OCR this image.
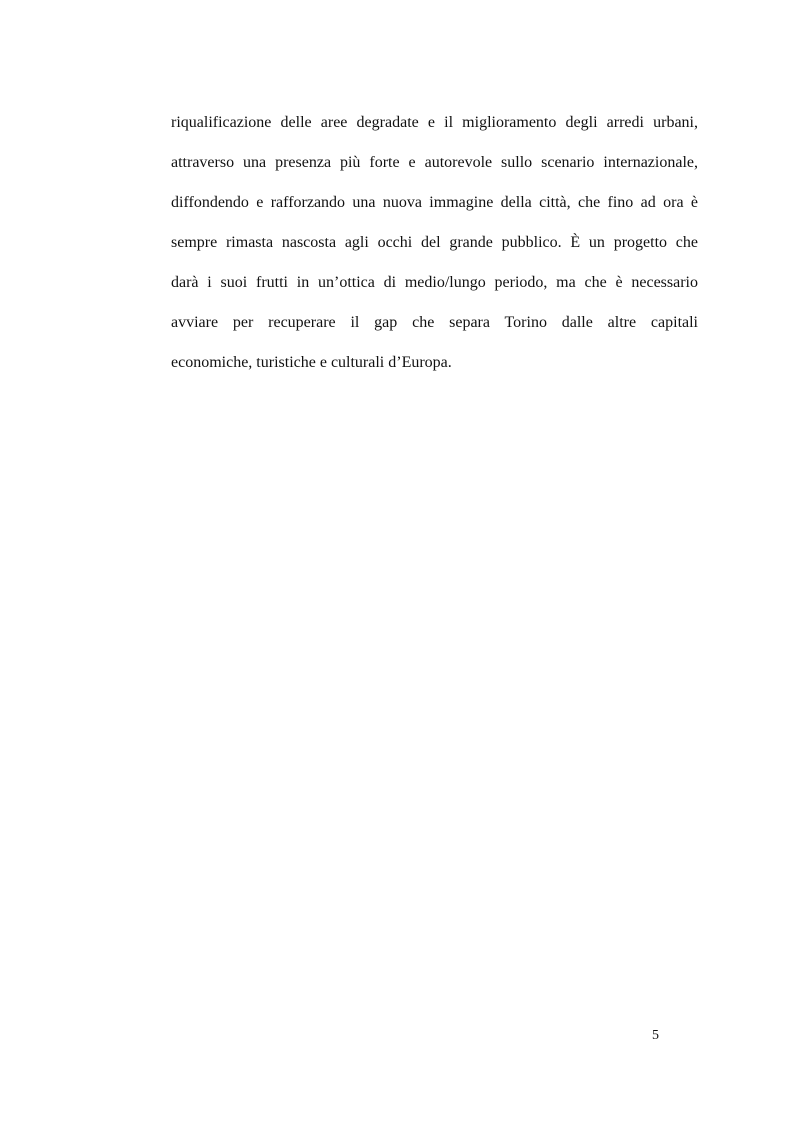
riqualificazione delle aree degradate e il miglioramento degli arredi urbani,
attraverso una presenza più forte e autorevole sullo scenario internazionale,
diffondendo e rafforzando una nuova immagine della città, che fino ad ora è
sempre rimasta nascosta agli occhi del grande pubblico. È un progetto che
darà i suoi frutti in un’ottica di medio/lungo periodo, ma che è necessario
avviare per recuperare il gap che separa Torino dalle altre capitali
economiche, turistiche e culturali d’Europa.

5
